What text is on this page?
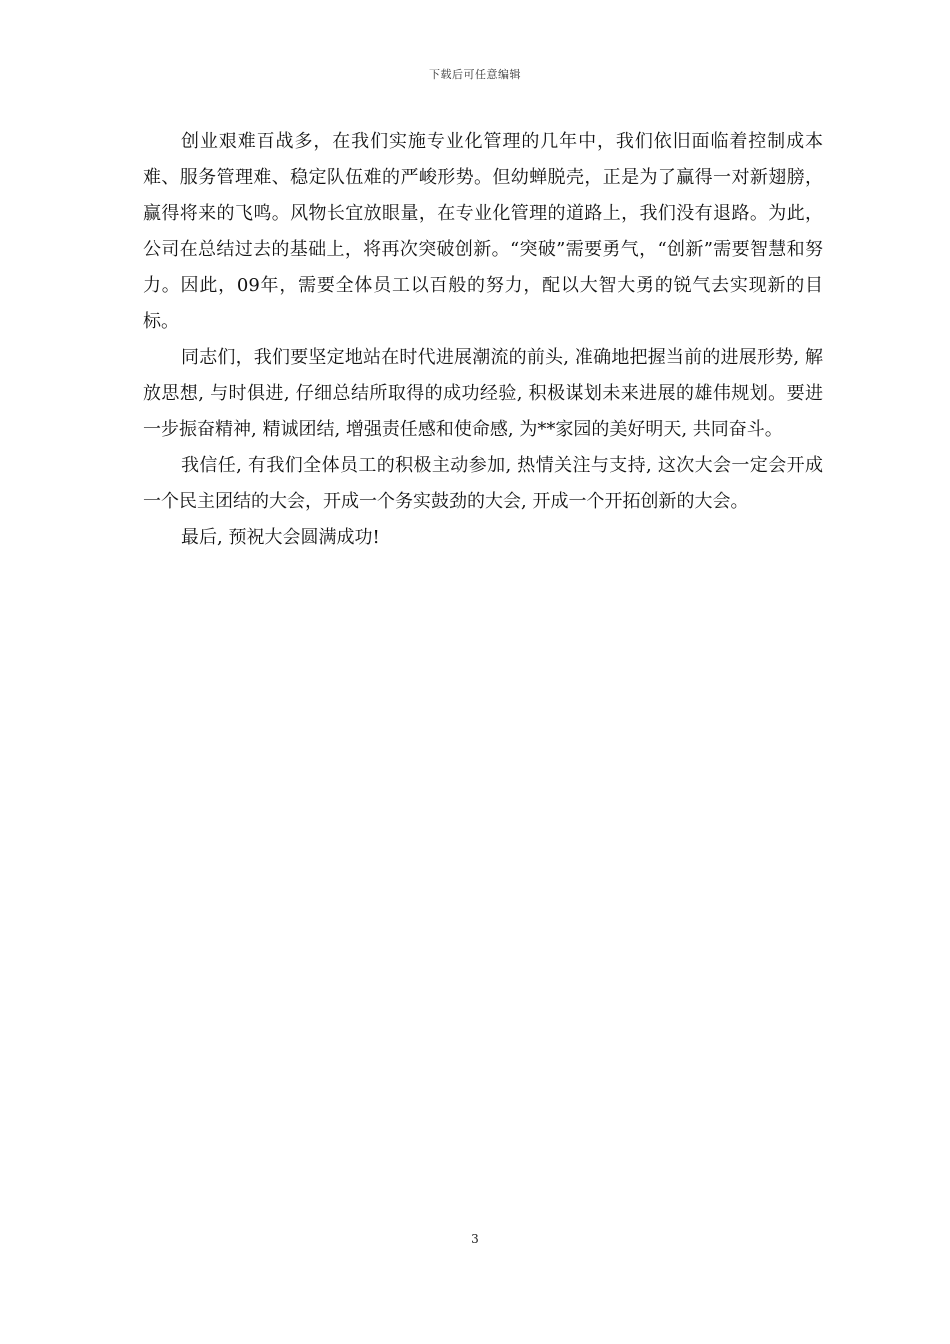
下载后可任意编辑

创业艰难百战多，在我们实施专业化管理的几年中，我们依旧面临着控制成本难、服务管理难、稳定队伍难的严峻形势。但幼蝉脱壳，正是为了赢得一对新翅膀，赢得将来的飞鸣。风物长宜放眼量，在专业化管理的道路上，我们没有退路。为此，公司在总结过去的基础上，将再次突破创新。“突破”需要勇气，“创新”需要智慧和努力。因此，09年，需要全体员工以百般的努力，配以大智大勇的锐气去实现新的目标。

同志们，我们要坚定地站在时代进展潮流的前头, 准确地把握当前的进展形势, 解放思想, 与时俱进, 仔细总结所取得的成功经验, 积极谋划未来进展的雄伟规划。要进一步振奋精神, 精诚团结, 增强责任感和使命感, 为**家园的美好明天, 共同奋斗。

我信任, 有我们全体员工的积极主动参加, 热情关注与支持, 这次大会一定会开成一个民主团结的大会，开成一个务实鼓劲的大会, 开成一个开拓创新的大会。

最后, 预祝大会圆满成功!

3
